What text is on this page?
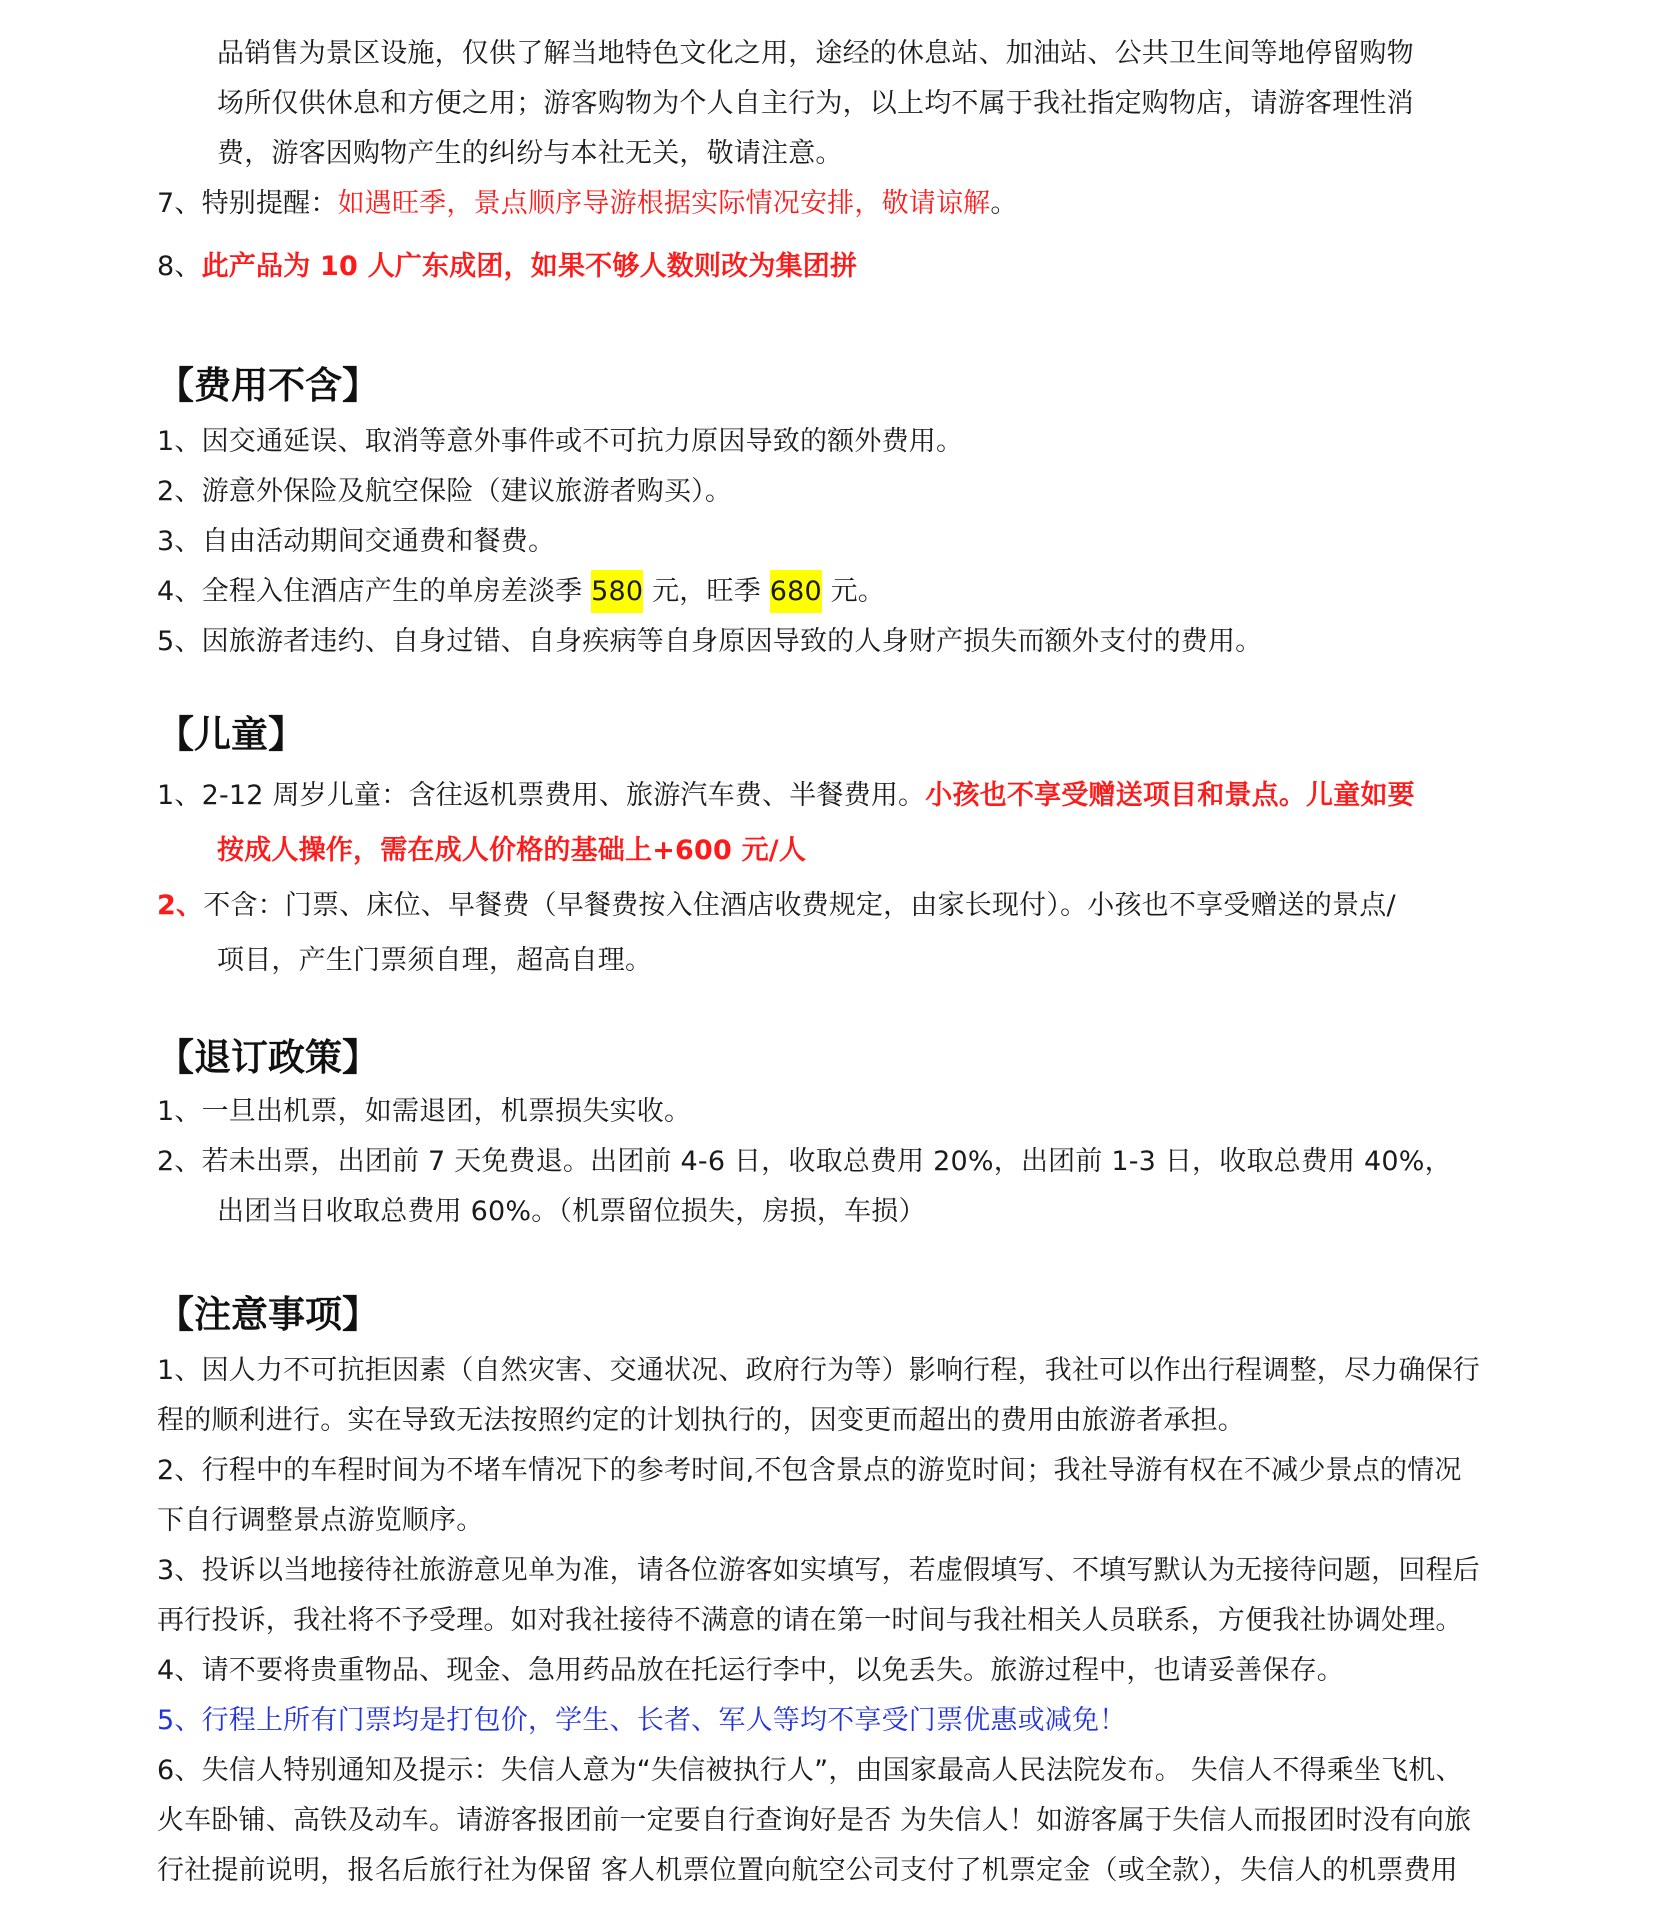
品销售为景区设施，仅供了解当地特色文化之用，途经的休息站、加油站、公共卫生间等地停留购物
场所仅供休息和方便之用；游客购物为个人自主行为，以上均不属于我社指定购物店，请游客理性消
费，游客因购物产生的纠纷与本社无关，敬请注意。
7、特别提醒：如遇旺季，景点顺序导游根据实际情况安排，敬请谅解。
8、此产品为 10 人广东成团，如果不够人数则改为集团拼
【费用不含】
1、因交通延误、取消等意外事件或不可抗力原因导致的额外费用。
2、游意外保险及航空保险（建议旅游者购买）。
3、自由活动期间交通费和餐费。
4、全程入住酒店产生的单房差淡季 580 元，旺季 680 元。
5、因旅游者违约、自身过错、自身疾病等自身原因导致的人身财产损失而额外支付的费用。
【儿童】
1、2-12 周岁儿童：含往返机票费用、旅游汽车费、半餐费用。小孩也不享受赠送项目和景点。儿童如要
按成人操作，需在成人价格的基础上+600 元/人
2、不含：门票、床位、早餐费（早餐费按入住酒店收费规定，由家长现付）。小孩也不享受赠送的景点/
项目，产生门票须自理，超高自理。
【退订政策】
1、一旦出机票，如需退团，机票损失实收。
2、若未出票，出团前 7 天免费退。出团前 4-6 日，收取总费用 20%，出团前 1-3 日，收取总费用 40%，
出团当日收取总费用 60%。（机票留位损失，房损，车损）
【注意事项】
1、因人力不可抗拒因素（自然灾害、交通状况、政府行为等）影响行程，我社可以作出行程调整，尽力确保行
程的顺利进行。实在导致无法按照约定的计划执行的，因变更而超出的费用由旅游者承担。
2、行程中的车程时间为不堵车情况下的参考时间,不包含景点的游览时间；我社导游有权在不减少景点的情况
下自行调整景点游览顺序。
3、投诉以当地接待社旅游意见单为准，请各位游客如实填写，若虚假填写、不填写默认为无接待问题，回程后
再行投诉，我社将不予受理。如对我社接待不满意的请在第一时间与我社相关人员联系，方便我社协调处理。
4、请不要将贵重物品、现金、急用药品放在托运行李中，以免丢失。旅游过程中，也请妥善保存。
5、行程上所有门票均是打包价，学生、长者、军人等均不享受门票优惠或减免！
6、失信人特别通知及提示：失信人意为“失信被执行人”，由国家最高人民法院发布。 失信人不得乘坐飞机、
火车卧铺、高铁及动车。请游客报团前一定要自行查询好是否 为失信人！如游客属于失信人而报团时没有向旅
行社提前说明，报名后旅行社为保留 客人机票位置向航空公司支付了机票定金（或全款），失信人的机票费用
